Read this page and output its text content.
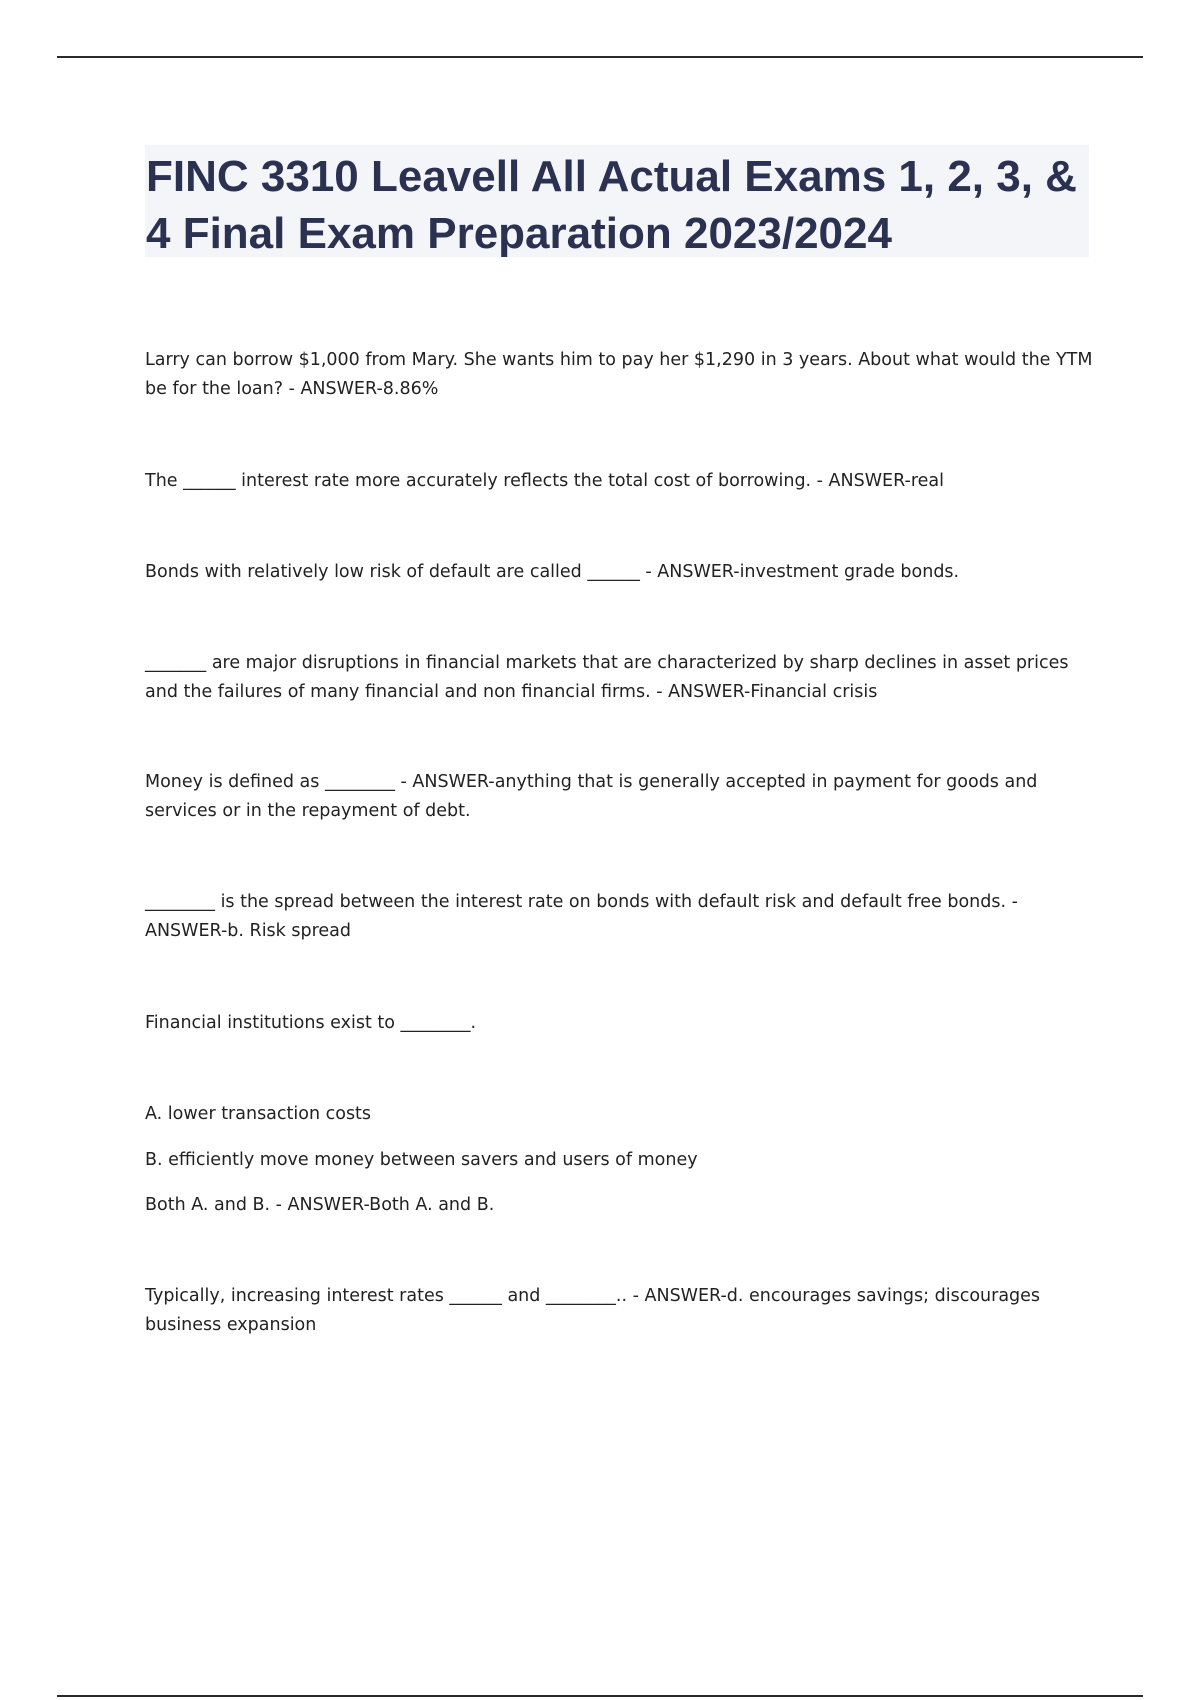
FINC 3310 Leavell All Actual Exams 1, 2, 3, & 4 Final Exam Preparation 2023/2024

Larry can borrow $1,000 from Mary. She wants him to pay her $1,290 in 3 years. About what would the YTM be for the loan? - ANSWER-8.86%

The ______ interest rate more accurately reflects the total cost of borrowing. - ANSWER-real

Bonds with relatively low risk of default are called ______ - ANSWER-investment grade bonds.

_______ are major disruptions in financial markets that are characterized by sharp declines in asset prices and the failures of many financial and non financial firms. - ANSWER-Financial crisis

Money is defined as ________ - ANSWER-anything that is generally accepted in payment for goods and services or in the repayment of debt.

________ is the spread between the interest rate on bonds with default risk and default free bonds. - ANSWER-b. Risk spread

Financial institutions exist to ________.

A. lower transaction costs

B. efficiently move money between savers and users of money

Both A. and B. - ANSWER-Both A. and B.

Typically, increasing interest rates ______ and ________.. - ANSWER-d. encourages savings; discourages business expansion
